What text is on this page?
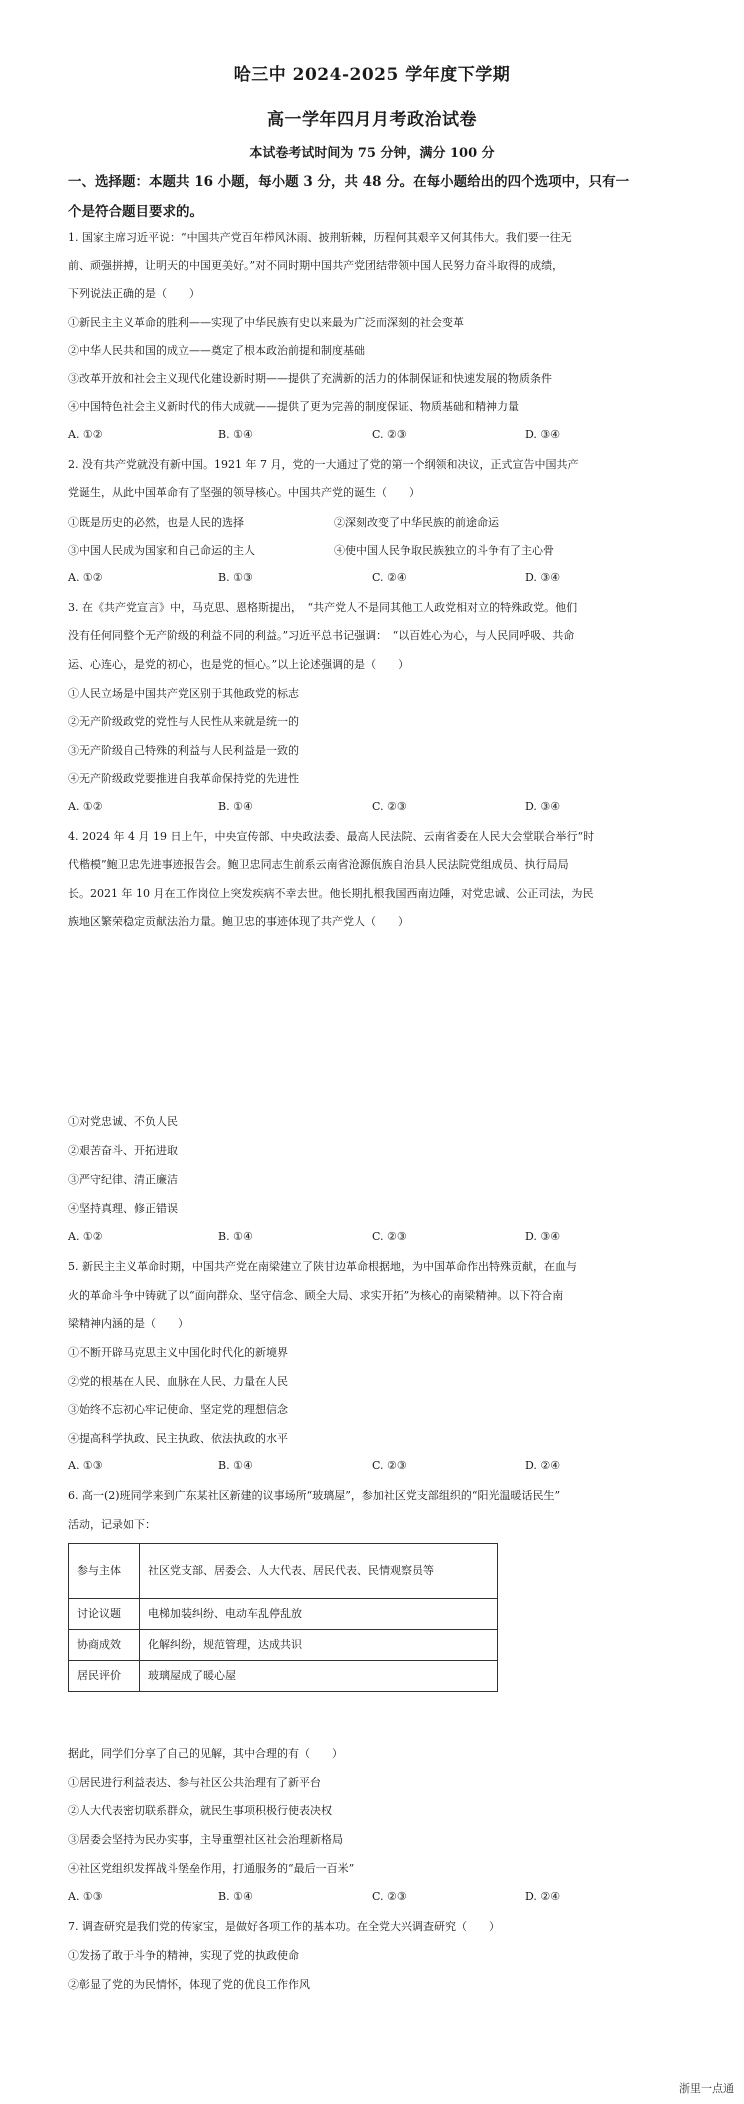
哈三中 2024-2025 学年度下学期
高一学年四月月考政治试卷
本试卷考试时间为 75 分钟，满分 100 分
一、选择题：本题共 16 小题，每小题 3 分，共 48 分。在每小题给出的四个选项中，只有一
个是符合题目要求的。
1. 国家主席习近平说：“中国共产党百年栉风沐雨、披荆斩棘，历程何其艰辛又何其伟大。我们要一往无
前、顽强拼搏，让明天的中国更美好。”对不同时期中国共产党团结带领中国人民努力奋斗取得的成绩，
下列说法正确的是（　　）
①新民主主义革命的胜利——实现了中华民族有史以来最为广泛而深刻的社会变革
②中华人民共和国的成立——奠定了根本政治前提和制度基础
③改革开放和社会主义现代化建设新时期——提供了充满新的活力的体制保证和快速发展的物质条件
④中国特色社会主义新时代的伟大成就——提供了更为完善的制度保证、物质基础和精神力量
A. ①②	B. ①④	C. ②③	D. ③④
2. 没有共产党就没有新中国。1921 年 7 月，党的一大通过了党的第一个纲领和决议，正式宣告中国共产
党诞生，从此中国革命有了坚强的领导核心。中国共产党的诞生（　　）
①既是历史的必然，也是人民的选择	②深刻改变了中华民族的前途命运
③中国人民成为国家和自己命运的主人	④使中国人民争取民族独立的斗争有了主心骨
A. ①②	B. ①③	C. ②④	D. ③④
3. 在《共产党宣言》中，马克思、恩格斯提出，　“共产党人不是同其他工人政党相对立的特殊政党。他们
没有任何同整个无产阶级的利益不同的利益。”习近平总书记强调：　“以百姓心为心，与人民同呼吸、共命
运、心连心，是党的初心，也是党的恒心。”以上论述强调的是（　　）
①人民立场是中国共产党区别于其他政党的标志
②无产阶级政党的党性与人民性从来就是统一的
③无产阶级自己特殊的利益与人民利益是一致的
④无产阶级政党要推进自我革命保持党的先进性
A. ①②	B. ①④	C. ②③	D. ③④
4. 2024 年 4 月 19 日上午，中央宣传部、中央政法委、最高人民法院、云南省委在人民大会堂联合举行“时
代楷模”鲍卫忠先进事迹报告会。鲍卫忠同志生前系云南省沧源佤族自治县人民法院党组成员、执行局局
长。2021 年 10 月在工作岗位上突发疾病不幸去世。他长期扎根我国西南边陲，对党忠诚、公正司法，为民
族地区繁荣稳定贡献法治力量。鲍卫忠的事迹体现了共产党人（　　）
①对党忠诚、不负人民
②艰苦奋斗、开拓进取
③严守纪律、清正廉洁
④坚持真理、修正错误
A. ①②	B. ①④	C. ②③	D. ③④
5. 新民主主义革命时期，中国共产党在南梁建立了陕甘边革命根据地，为中国革命作出特殊贡献，在血与
火的革命斗争中铸就了以“面向群众、坚守信念、顾全大局、求实开拓”为核心的南梁精神。以下符合南
梁精神内涵的是（　　）
①不断开辟马克思主义中国化时代化的新境界
②党的根基在人民、血脉在人民、力量在人民
③始终不忘初心牢记使命、坚定党的理想信念
④提高科学执政、民主执政、依法执政的水平
A. ①③	B. ①④	C. ②③	D. ②④
6. 高一(2)班同学来到广东某社区新建的议事场所“玻璃屋”，参加社区党支部组织的“阳光温暖话民生”
活动，记录如下：
参与主体	社区党支部、居委会、人大代表、居民代表、民情观察员等
讨论议题	电梯加装纠纷、电动车乱停乱放
协商成效	化解纠纷，规范管理，达成共识
居民评价	玻璃屋成了暖心屋
据此，同学们分享了自己的见解，其中合理的有（　　）
①居民进行利益表达、参与社区公共治理有了新平台
②人大代表密切联系群众，就民生事项积极行使表决权
③居委会坚持为民办实事，主导重塑社区社会治理新格局
④社区党组织发挥战斗堡垒作用，打通服务的“最后一百米”
A. ①③	B. ①④	C. ②③	D. ②④
7. 调查研究是我们党的传家宝，是做好各项工作的基本功。在全党大兴调查研究（　　）
①发扬了敢于斗争的精神，实现了党的执政使命
②彰显了党的为民情怀，体现了党的优良工作作风
浙里一点通
